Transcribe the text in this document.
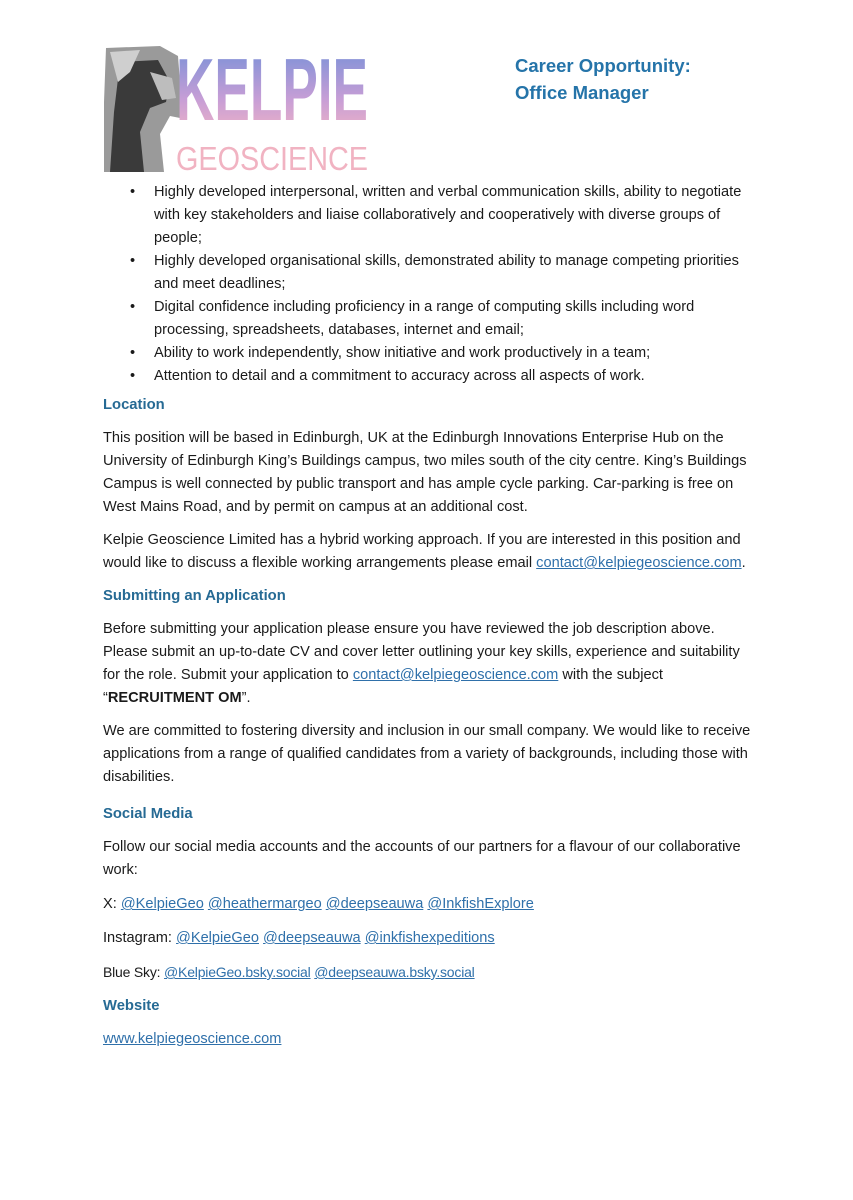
KELPIE
GEOSCIENCE
Career Opportunity:
Office Manager
• Highly developed interpersonal, written and verbal communication skills, ability to negotiate with key stakeholders and liaise collaboratively and cooperatively with diverse groups of people;
• Highly developed organisational skills, demonstrated ability to manage competing priorities and meet deadlines;
• Digital confidence including proficiency in a range of computing skills including word processing, spreadsheets, databases, internet and email;
• Ability to work independently, show initiative and work productively in a team;
• Attention to detail and a commitment to accuracy across all aspects of work.
Location

This position will be based in Edinburgh, UK at the Edinburgh Innovations Enterprise Hub on the University of Edinburgh King’s Buildings campus, two miles south of the city centre. King’s Buildings Campus is well connected by public transport and has ample cycle parking. Car-parking is free on West Mains Road, and by permit on campus at an additional cost.

Kelpie Geoscience Limited has a hybrid working approach. If you are interested in this position and would like to discuss a flexible working arrangements please email contact@kelpiegeoscience.com.

Submitting an Application

Before submitting your application please ensure you have reviewed the job description above. Please submit an up-to-date CV and cover letter outlining your key skills, experience and suitability for the role. Submit your application to contact@kelpiegeoscience.com with the subject “RECRUITMENT OM”.

We are committed to fostering diversity and inclusion in our small company. We would like to receive applications from a range of qualified candidates from a variety of backgrounds, including those with disabilities.

Social Media

Follow our social media accounts and the accounts of our partners for a flavour of our collaborative work:

X: @KelpieGeo @heathermargeo @deepseauwa @InkfishExplore

Instagram: @KelpieGeo @deepseauwa @inkfishexpeditions

Blue Sky: @KelpieGeo.bsky.social @deepseauwa.bsky.social

Website

www.kelpiegeoscience.com
